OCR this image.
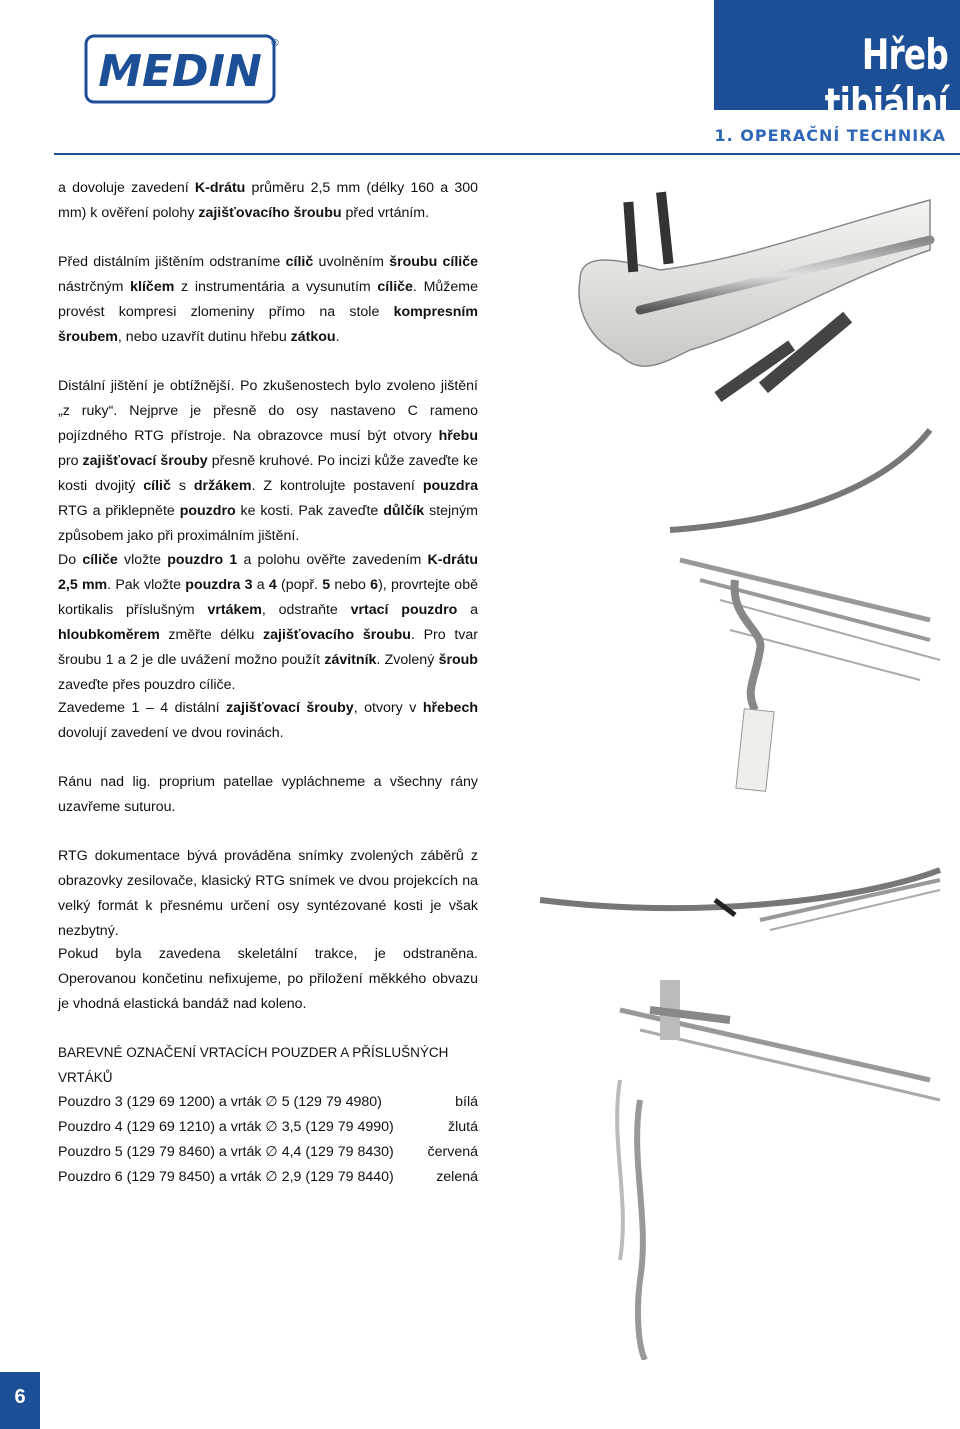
MEDIN
®	Hřeb tibiální
1. OPERAČNÍ TECHNIKA
a dovoluje zavedení K-drátu průměru 2,5 mm (délky 160 a 300 mm) k ověření polohy zajišťovacího šroubu před vrtáním.
Před distálním jištěním odstraníme cílič uvolněním šroubu cíliče nástrčným klíčem z instrumentária a vysunutím cíliče. Můžeme provést kompresi zlomeniny přímo na stole kompresním šroubem, nebo uzavřít dutinu hřebu zátkou.
Distální jištění je obtížnější. Po zkušenostech bylo zvoleno jištění „z ruky“. Nejprve je přesně do osy nastaveno C rameno pojízdného RTG přístroje. Na obrazovce musí být otvory hřebu pro zajišťovací šrouby přesně kruhové. Po incizi kůže zaveďte ke kosti dvojitý cílič s držákem. Z kontrolujte postavení pouzdra RTG a přiklepněte pouzdro ke kosti. Pak zaveďte důlčík stejným způsobem jako při proximálním jištění.
Do cíliče vložte pouzdro 1 a polohu ověřte zavedením K-drátu 2,5 mm. Pak vložte pouzdra 3 a 4 (popř. 5 nebo 6), provrtejte obě kortikalis příslušným vrtákem, odstraňte vrtací pouzdro a hloubkoměrem změřte délku zajišťovacího šroubu. Pro tvar šroubu 1 a 2 je dle uvážení možno použít závitník. Zvolený šroub zaveďte přes pouzdro cíliče.
Zavedeme 1 – 4 distální zajišťovací šrouby, otvory v hřebech dovolují zavedení ve dvou rovinách.
Ránu nad lig. proprium patellae vypláchneme a všechny rány uzavřeme suturou.
RTG dokumentace bývá prováděna snímky zvolených záběrů z obrazovky zesilovače, klasický RTG snímek ve dvou projekcích na velký formát k přesnému určení osy syntézované kosti je však nezbytný.
Pokud byla zavedena skeletální trakce, je odstraněna. Operovanou končetinu nefixujeme, po přiložení měkkého obvazu je vhodná elastická bandáž nad koleno.
BAREVNÉ OZNAČENÍ VRTACÍCH POUZDER A PŘÍSLUŠNÝCH VRTÁKŮ
Pouzdro 3 (129 69 1200) a vrták ∅ 5 (129 79 4980)	bílá
Pouzdro 4 (129 69 1210) a vrták ∅ 3,5 (129 79 4990)	žlutá
Pouzdro 5 (129 79 8460) a vrták ∅ 4,4 (129 79 8430)	červená
Pouzdro 6 (129 79 8450) a vrták ∅ 2,9 (129 79 8440)	zelená
6
